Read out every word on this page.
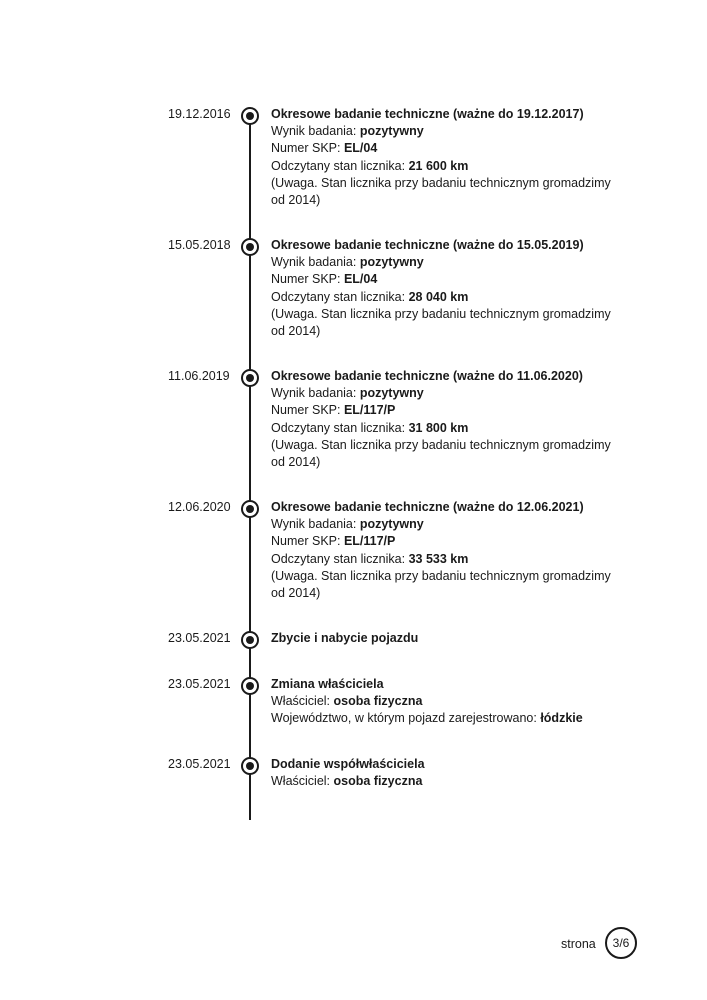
19.12.2016	Okresowe badanie techniczne (ważne do 19.12.2017)
Wynik badania: pozytywny
Numer SKP: EL/04
Odczytany stan licznika: 21 600 km
(Uwaga. Stan licznika przy badaniu technicznym gromadzimy od 2014)
15.05.2018	Okresowe badanie techniczne (ważne do 15.05.2019)
Wynik badania: pozytywny
Numer SKP: EL/04
Odczytany stan licznika: 28 040 km
(Uwaga. Stan licznika przy badaniu technicznym gromadzimy od 2014)
11.06.2019	Okresowe badanie techniczne (ważne do 11.06.2020)
Wynik badania: pozytywny
Numer SKP: EL/117/P
Odczytany stan licznika: 31 800 km
(Uwaga. Stan licznika przy badaniu technicznym gromadzimy od 2014)
12.06.2020	Okresowe badanie techniczne (ważne do 12.06.2021)
Wynik badania: pozytywny
Numer SKP: EL/117/P
Odczytany stan licznika: 33 533 km
(Uwaga. Stan licznika przy badaniu technicznym gromadzimy od 2014)
23.05.2021	Zbycie i nabycie pojazdu
23.05.2021	Zmiana właściciela
Właściciel: osoba fizyczna
Województwo, w którym pojazd zarejestrowano: łódzkie
23.05.2021	Dodanie współwłaściciela
Właściciel: osoba fizyczna
strona	3/6
